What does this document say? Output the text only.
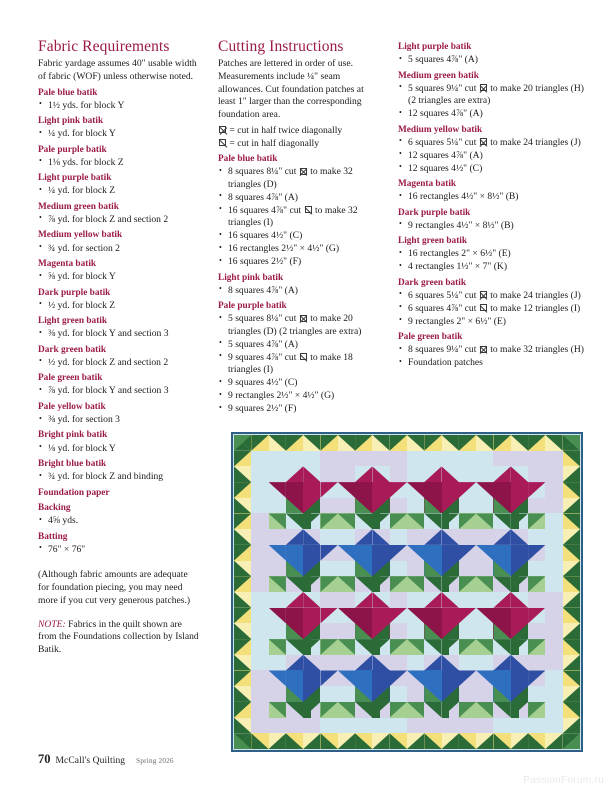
Fabric Requirements

Fabric yardage assumes 40" usable width of fabric (WOF) unless otherwise noted.

Pale blue batik
• 1½ yds. for block Y
Light pink batik
• ¼ yd. for block Y
Pale purple batik
• 1⅛ yds. for block Z
Light purple batik
• ¼ yd. for block Z
Medium green batik
• ⅞ yd. for block Z and section 2
Medium yellow batik
• ¾ yd. for section 2
Magenta batik
• ⅝ yd. for block Y
Dark purple batik
• ½ yd. for block Z
Light green batik
• ⅜ yd. for block Y and section 3
Dark green batik
• ½ yd. for block Z and section 2
Pale green batik
• ⅞ yd. for block Y and section 3
Pale yellow batik
• ⅜ yd. for section 3
Bright pink batik
• ⅛ yd. for block Y
Bright blue batik
• ¾ yd. for block Z and binding
Foundation paper
Backing
• 4⅝ yds.
Batting
• 76" × 76"
(Although fabric amounts are adequate for foundation piecing, you may need more if you cut very generous patches.)
NOTE: Fabrics in the quilt shown are from the Foundations collection by Island Batik.
Cutting Instructions

Patches are lettered in order of use. Measurements include ¼" seam allowances. Cut foundation patches at least 1" larger than the corresponding foundation area.

= cut in half twice diagonally
= cut in half diagonally
Pale blue batik
• 8 squares 8¼" cut  to make 32 triangles (D)
• 8 squares 4⅞" (A)
• 16 squares 4⅞" cut  to make 32 triangles (I)
• 16 squares 4½" (C)
• 16 rectangles 2½" × 4½" (G)
• 16 squares 2½" (F)
Light pink batik
• 8 squares 4⅞" (A)
Pale purple batik
• 5 squares 8¼" cut  to make 20 triangles (D) (2 triangles are extra)
• 5 squares 4⅞" (A)
• 9 squares 4⅞" cut  to make 18 triangles (I)
• 9 squares 4½" (C)
• 9 rectangles 2½" × 4½" (G)
• 9 squares 2½" (F)
Light purple batik
• 5 squares 4⅞" (A)
Medium green batik
• 5 squares 9¼" cut  to make 20 triangles (H) (2 triangles are extra)
• 12 squares 4⅞" (A)
Medium yellow batik
• 6 squares 5¼" cut  to make 24 triangles (J)
• 12 squares 4⅞" (A)
• 12 squares 4½" (C)
Magenta batik
• 16 rectangles 4½" × 8½" (B)
Dark purple batik
• 9 rectangles 4½" × 8½" (B)
Light green batik
• 16 rectangles 2" × 6½" (E)
• 4 rectangles 1½" × 7" (K)
Dark green batik
• 6 squares 5¼" cut  to make 24 triangles (J)
• 6 squares 4⅞" cut  to make 12 triangles (I)
• 9 rectangles 2" × 6½" (E)
Pale green batik
• 8 squares 9¼" cut  to make 32 triangles (H)
• Foundation patches
70 McCall's Quilting Spring 2026
PassionForum.ru
